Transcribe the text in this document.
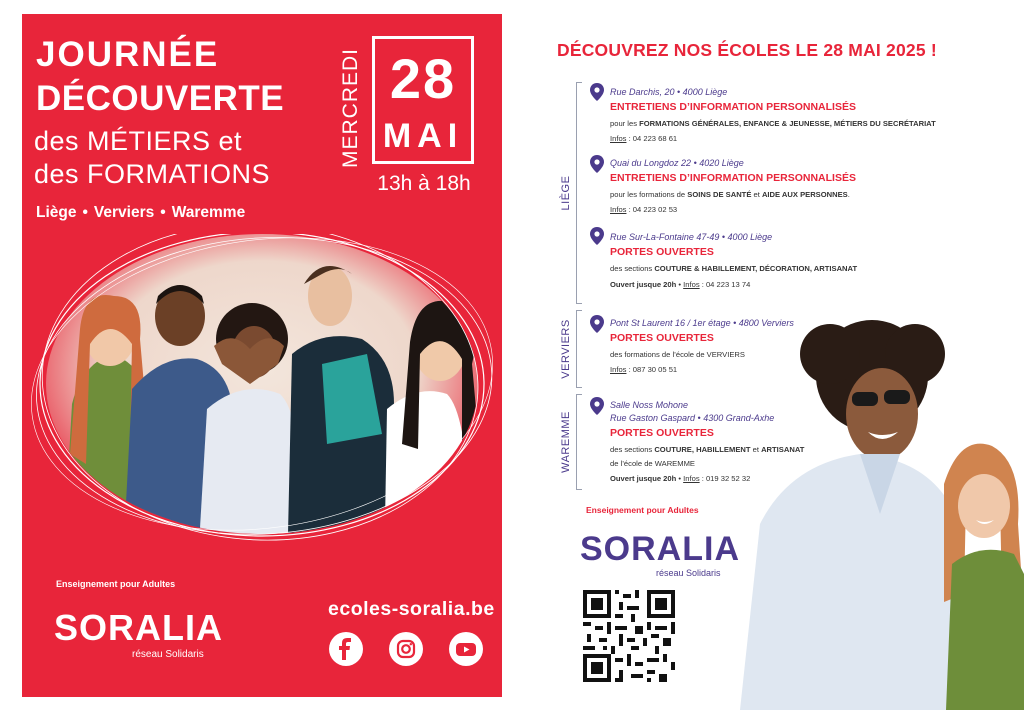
JOURNÉE
DÉCOUVERTE
des MÉTIERS et
des FORMATIONS
MERCREDI 28
MAI
13h à 18h
Liège • Verviers • Waremme
Enseignement pour Adultes
SORALIA
réseau Solidaris
ecoles-soralia.be
DÉCOUVREZ NOS ÉCOLES LE 28 MAI 2025 !
LIÈGE
Rue Darchis, 20 • 4000 Liège
ENTRETIENS D’INFORMATION PERSONNALISÉS
pour les FORMATIONS GÉNÉRALES, ENFANCE & JEUNESSE, MÉTIERS DU SECRÉTARIAT
Infos : 04 223 68 61
Quai du Longdoz 22 • 4020 Liège
ENTRETIENS D’INFORMATION PERSONNALISÉS
pour les formations de SOINS DE SANTÉ et AIDE AUX PERSONNES.
Infos : 04 223 02 53
Rue Sur-La-Fontaine 47-49 • 4000 Liège
PORTES OUVERTES
des sections COUTURE & HABILLEMENT, DÉCORATION, ARTISANAT
Ouvert jusque 20h • Infos : 04 223 13 74
VERVIERS	Pont St Laurent 16 / 1er étage • 4800 Verviers
PORTES OUVERTES
des formations de l’école de VERVIERS
Infos : 087 30 05 51
WAREMME
Salle Noss Mohone
Rue Gaston Gaspard • 4300 Grand-Axhe
PORTES OUVERTES
des sections COUTURE, HABILLEMENT et ARTISANAT
de l’école de WAREMME
Ouvert jusque 20h • Infos : 019 32 52 32
Enseignement pour Adultes
SORALIA
réseau Solidaris
